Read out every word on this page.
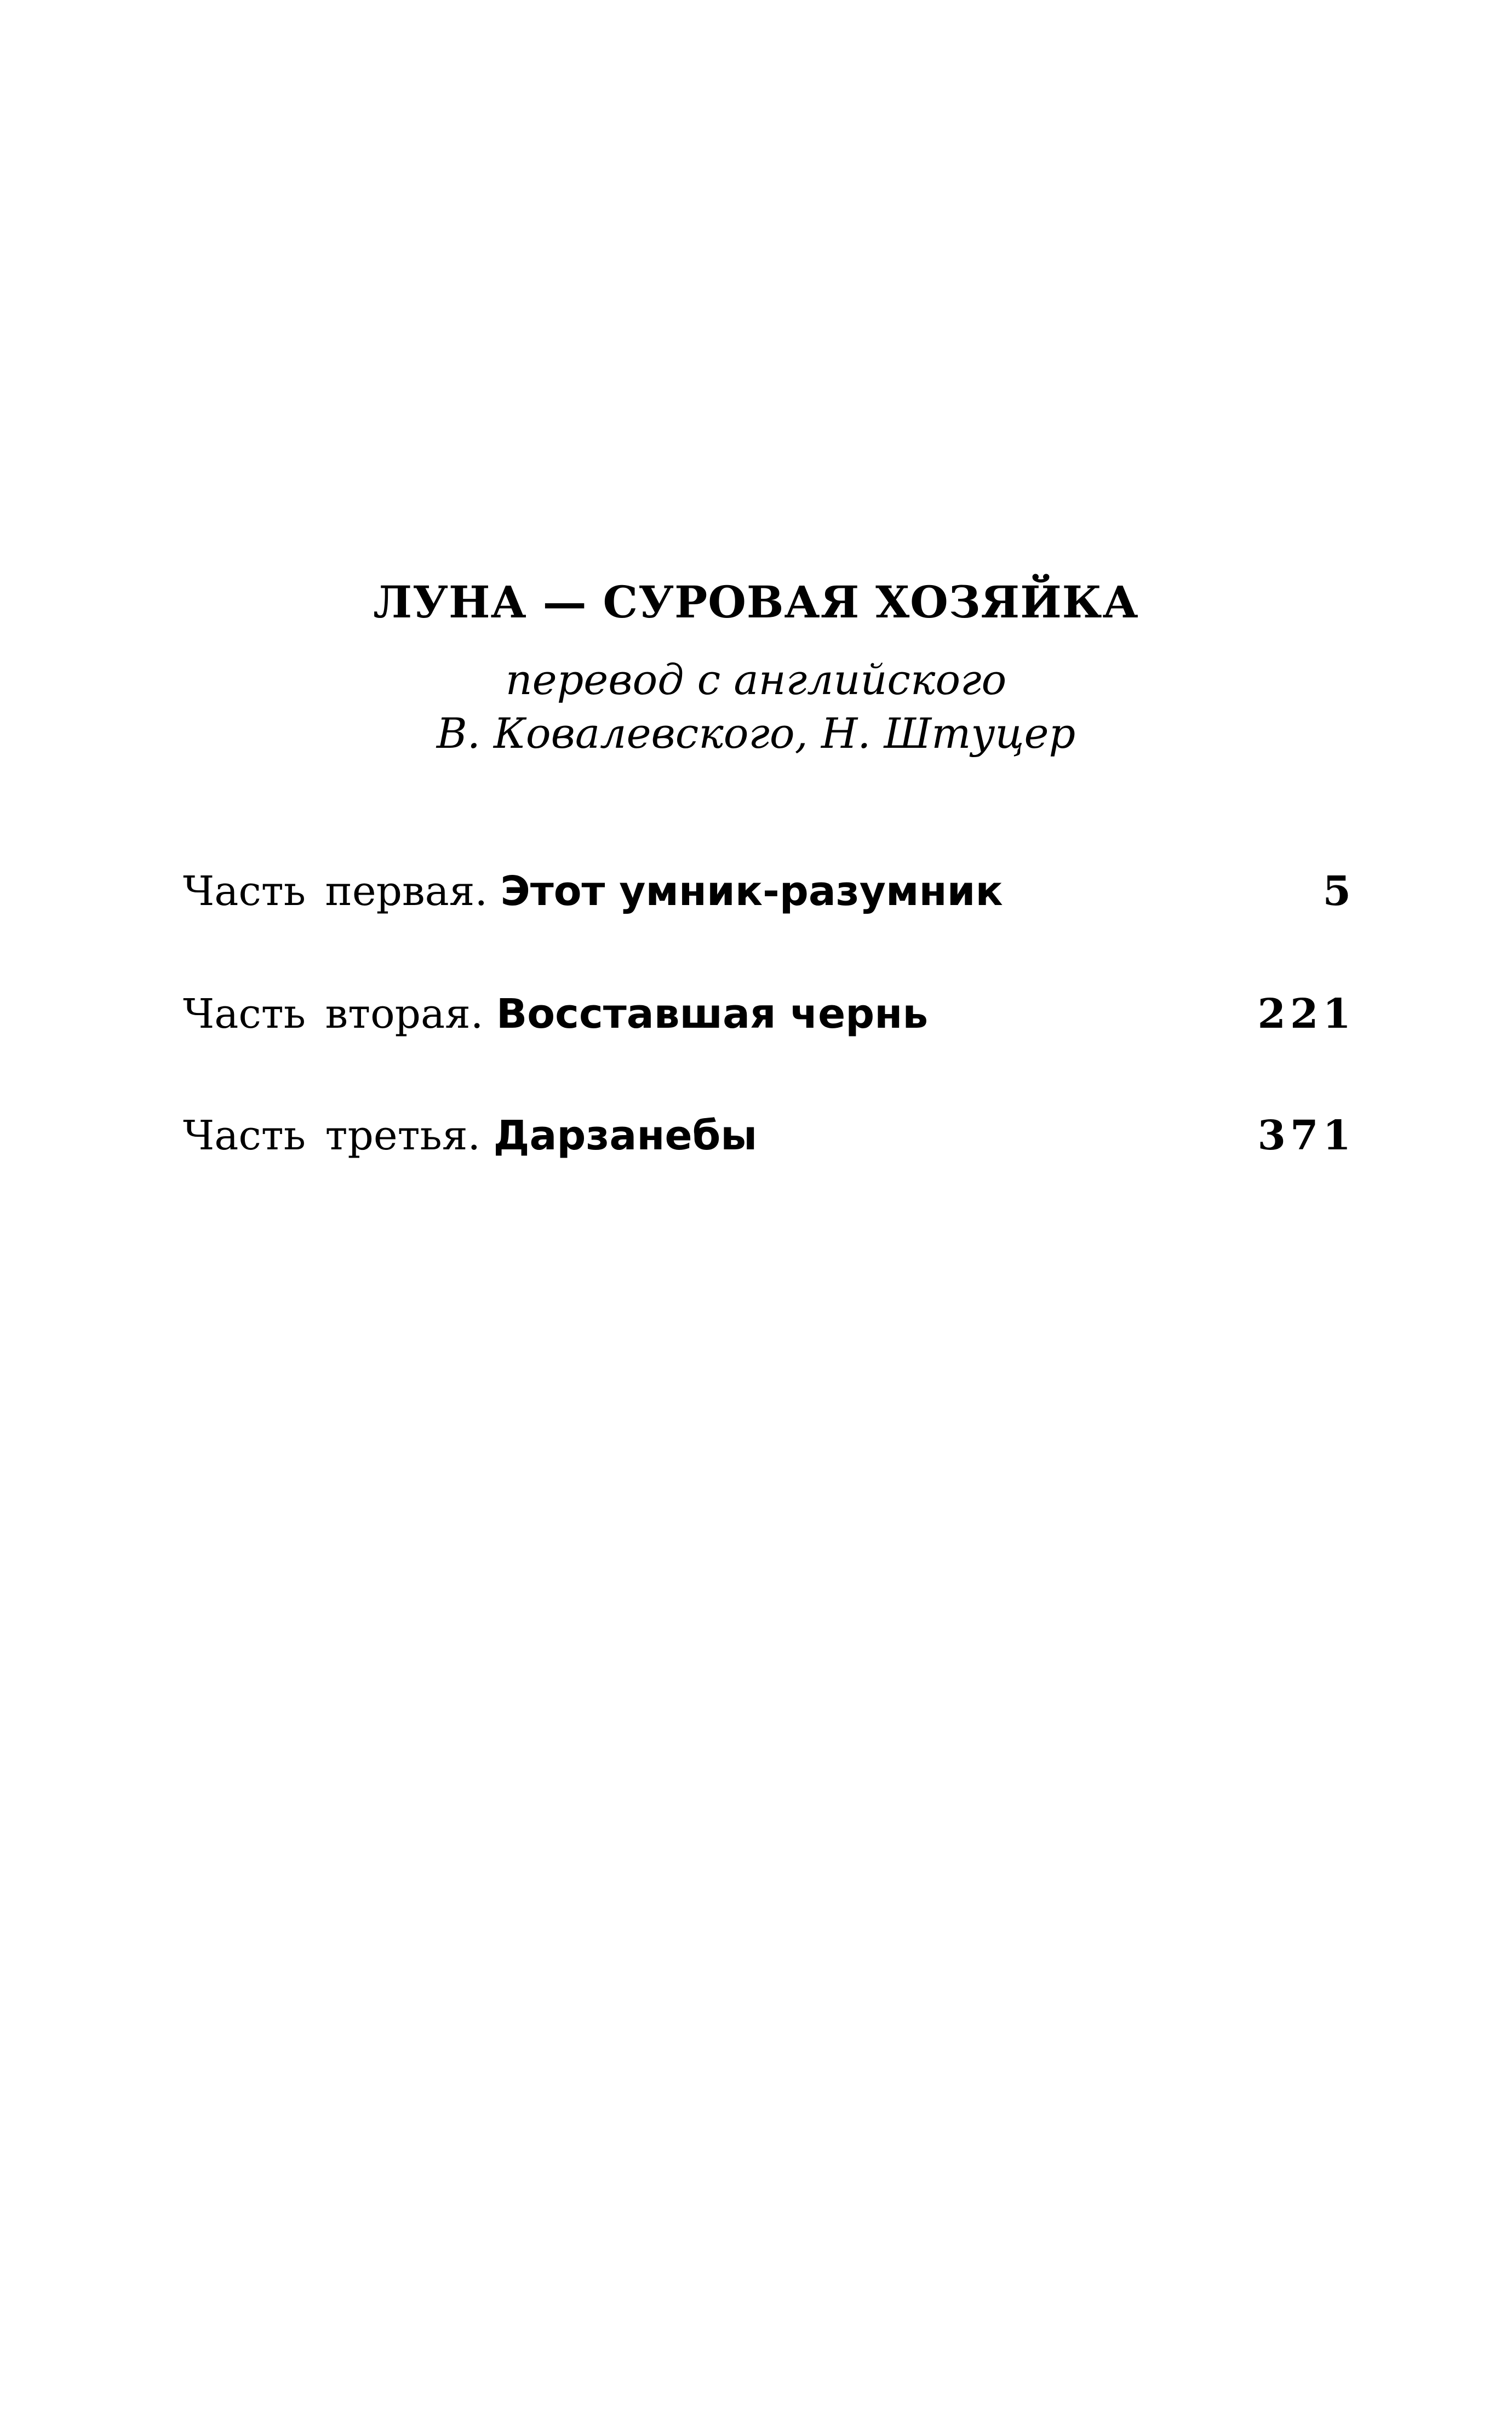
ЛУНА — СУРОВАЯ ХОЗЯЙКА
перевод с английского
В. Ковалевского, Н. Штуцер
Часть первая. Этот умник-разумник	5
Часть вторая. Восставшая чернь	221
Часть третья. Дарзанебы	371
